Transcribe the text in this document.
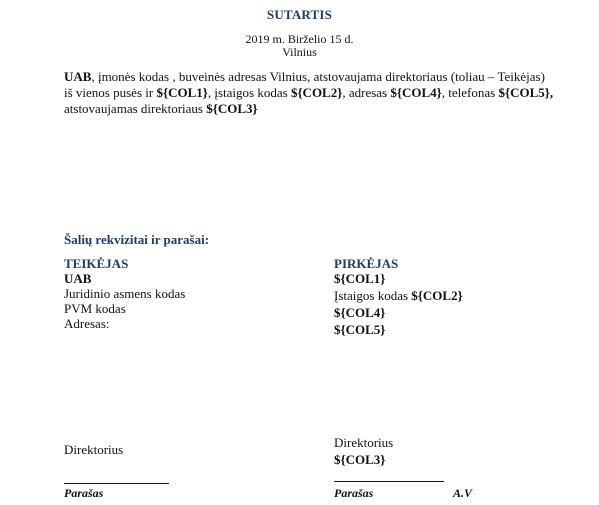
SUTARTIS
2019 m. Birželio 15 d.
Vilnius
UAB, įmonės kodas , buveinės adresas Vilnius, atstovaujama direktoriaus (toliau – Teikėjas)
iš vienos pusės ir ${COL1}, įstaigos kodas ${COL2}, adresas ${COL4}, telefonas ${COL5},
atstovaujamas direktoriaus ${COL3}
Šalių rekvizitai ir parašai:
TEIKĖJAS
UAB
Juridinio asmens kodas
PVM kodas
Adresas:
PIRKĖJAS
${COL1}
Įstaigos kodas ${COL2}
${COL4}
${COL5}
Direktorius	Direktorius
${COL3}
Parašas	Parašas	A.V
